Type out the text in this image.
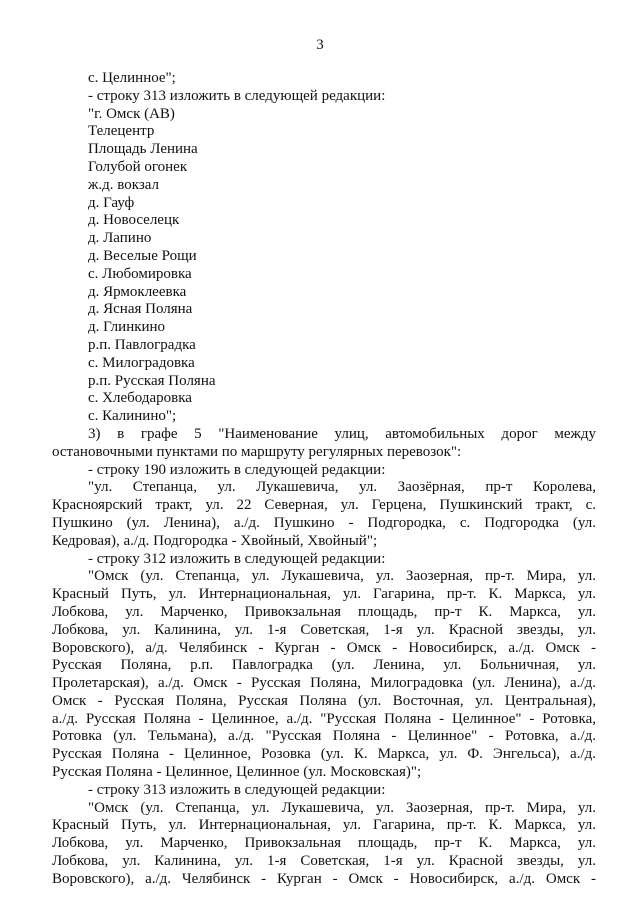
3
с. Целинное";
- строку 313 изложить в следующей редакции:
"г. Омск (АВ)
Телецентр
Площадь Ленина
Голубой огонек
ж.д. вокзал
д. Гауф
д. Новоселецк
д. Лапино
д. Веселые Рощи
с. Любомировка
д. Ярмоклеевка
д. Ясная Поляна
д. Глинкино
р.п. Павлоградка
с. Милоградовка
р.п. Русская Поляна
с. Хлебодаровка
с. Калинино";
3) в графе 5 "Наименование улиц, автомобильных дорог между
остановочными пунктами по маршруту регулярных перевозок":
- строку 190 изложить в следующей редакции:
"ул. Степанца, ул. Лукашевича, ул. Заозёрная, пр-т Королева,
Красноярский тракт, ул. 22 Северная, ул. Герцена, Пушкинский тракт, с.
Пушкино (ул. Ленина), а./д. Пушкино - Подгородка, с. Подгородка (ул.
Кедровая), а./д. Подгородка - Хвойный, Хвойный";
- строку 312 изложить в следующей редакции:
"Омск (ул. Степанца, ул. Лукашевича, ул. Заозерная, пр-т. Мира, ул.
Красный Путь, ул. Интернациональная, ул. Гагарина, пр-т. К. Маркса, ул.
Лобкова, ул. Марченко, Привокзальная площадь, пр-т К. Маркса, ул.
Лобкова, ул. Калинина, ул. 1-я Советская, 1-я ул. Красной звезды, ул.
Воровского), а/д. Челябинск - Курган - Омск - Новосибирск, а./д. Омск -
Русская Поляна, р.п. Павлоградка (ул. Ленина, ул. Больничная, ул.
Пролетарская), а./д. Омск - Русская Поляна, Милоградовка (ул. Ленина), а./д.
Омск - Русская Поляна, Русская Поляна (ул. Восточная, ул. Центральная),
а./д. Русская Поляна - Целинное, а./д. "Русская Поляна - Целинное" - Ротовка,
Ротовка (ул. Тельмана), а./д. "Русская Поляна - Целинное" - Ротовка, а./д.
Русская Поляна - Целинное, Розовка (ул. К. Маркса, ул. Ф. Энгельса), а./д.
Русская Поляна - Целинное, Целинное (ул. Московская)";
- строку 313 изложить в следующей редакции:
"Омск (ул. Степанца, ул. Лукашевича, ул. Заозерная, пр-т. Мира, ул.
Красный Путь, ул. Интернациональная, ул. Гагарина, пр-т. К. Маркса, ул.
Лобкова, ул. Марченко, Привокзальная площадь, пр-т К. Маркса, ул.
Лобкова, ул. Калинина, ул. 1-я Советская, 1-я ул. Красной звезды, ул.
Воровского), а./д. Челябинск - Курган - Омск - Новосибирск, а./д. Омск -
